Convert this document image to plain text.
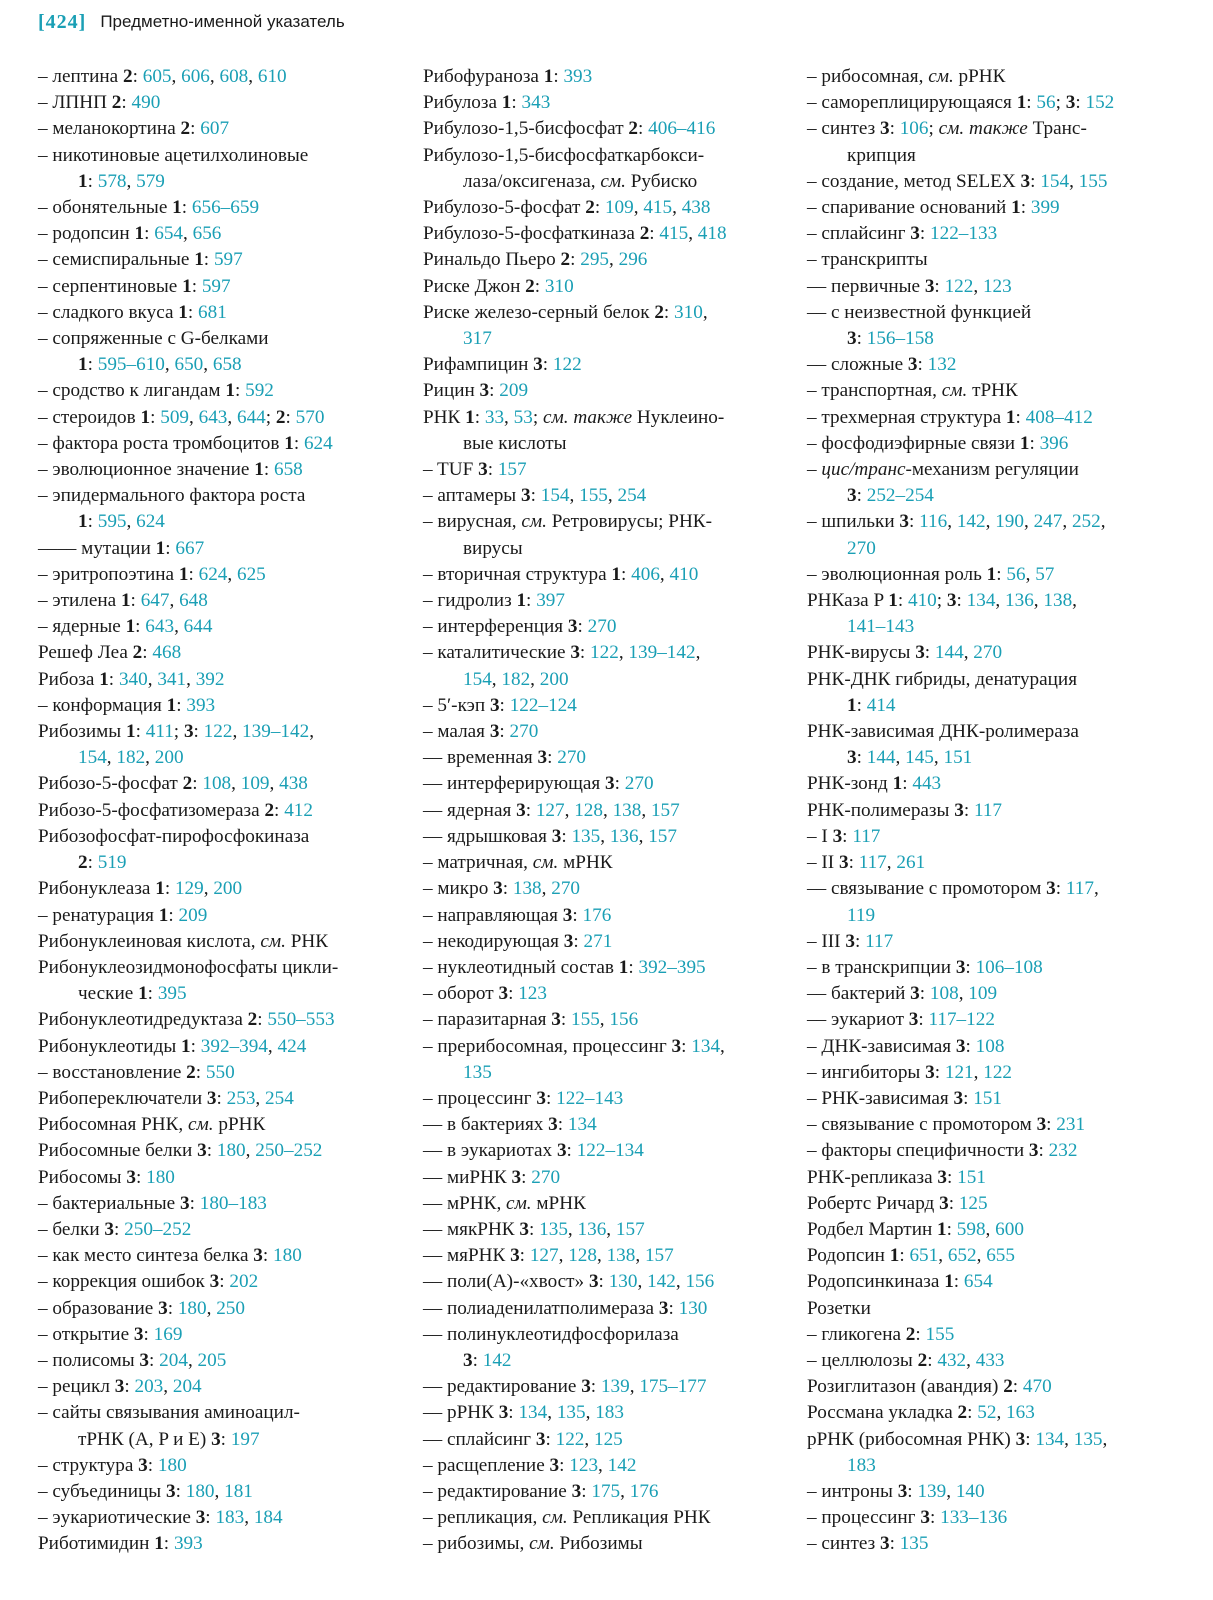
[424] Предметно-именной указатель
– лептина 2: 605, 606, 608, 610
– ЛПНП 2: 490
– меланокортина 2: 607
– никотиновые ацетилхолиновые
1: 578, 579
– обонятельные 1: 656–659
– родопсин 1: 654, 656
– семиспиральные 1: 597
– серпентиновые 1: 597
– сладкого вкуса 1: 681
– сопряженные с G-белками
1: 595–610, 650, 658
– сродство к лигандам 1: 592
– стероидов 1: 509, 643, 644; 2: 570
– фактора роста тромбоцитов 1: 624
– эволюционное значение 1: 658
– эпидермального фактора роста
1: 595, 624
–––– мутации 1: 667
– эритропоэтина 1: 624, 625
– этилена 1: 647, 648
– ядерные 1: 643, 644
Решеф Леа 2: 468
Рибоза 1: 340, 341, 392
– конформация 1: 393
Рибозимы 1: 411; 3: 122, 139–142,
154, 182, 200
Рибозо-5-фосфат 2: 108, 109, 438
Рибозо-5-фосфатизомераза 2: 412
Рибозофосфат-пирофосфокиназа
2: 519
Рибонуклеаза 1: 129, 200
– ренатурация 1: 209
Рибонуклеиновая кислота, см. РНК
Рибонуклеозидмонофосфаты цикли-
ческие 1: 395
Рибонуклеотидредуктаза 2: 550–553
Рибонуклеотиды 1: 392–394, 424
– восстановление 2: 550
Рибопереключатели 3: 253, 254
Рибосомная РНК, см. рРНК
Рибосомные белки 3: 180, 250–252
Рибосомы 3: 180
– бактериальные 3: 180–183
– белки 3: 250–252
– как место синтеза белка 3: 180
– коррекция ошибок 3: 202
– образование 3: 180, 250
– открытие 3: 169
– полисомы 3: 204, 205
– рецикл 3: 203, 204
– сайты связывания аминоацил-
тРНК (A, P и E) 3: 197
– структура 3: 180
– субъединицы 3: 180, 181
– эукариотические 3: 183, 184
Риботимидин 1: 393
Рибофураноза 1: 393
Рибулоза 1: 343
Рибулозо-1,5-бисфосфат 2: 406–416
Рибулозо-1,5-бисфосфаткарбокси-
лаза/оксигеназа, см. Рубиско
Рибулозо-5-фосфат 2: 109, 415, 438
Рибулозо-5-фосфаткиназа 2: 415, 418
Ринальдо Пьеро 2: 295, 296
Риске Джон 2: 310
Риске железо-серный белок 2: 310,
317
Рифампицин 3: 122
Рицин 3: 209
РНК 1: 33, 53; см. также Нуклеино-
вые кислоты
– TUF 3: 157
– аптамеры 3: 154, 155, 254
– вирусная, см. Ретровирусы; РНК-
вирусы
– вторичная структура 1: 406, 410
– гидролиз 1: 397
– интерференция 3: 270
– каталитические 3: 122, 139–142,
154, 182, 200
– 5′-кэп 3: 122–124
– малая 3: 270
–– временная 3: 270
–– интерферирующая 3: 270
–– ядерная 3: 127, 128, 138, 157
–– ядрышковая 3: 135, 136, 157
– матричная, см. мРНК
– микро 3: 138, 270
– направляющая 3: 176
– некодирующая 3: 271
– нуклеотидный состав 1: 392–395
– оборот 3: 123
– паразитарная 3: 155, 156
– прерибосомная, процессинг 3: 134,
135
– процессинг 3: 122–143
–– в бактериях 3: 134
–– в эукариотах 3: 122–134
–– миРНК 3: 270
–– мРНК, см. мРНК
–– мякРНК 3: 135, 136, 157
–– мяРНК 3: 127, 128, 138, 157
–– поли(A)-«хвост» 3: 130, 142, 156
–– полиаденилатполимераза 3: 130
–– полинуклеотидфосфорилаза
3: 142
–– редактирование 3: 139, 175–177
–– рРНК 3: 134, 135, 183
–– сплайсинг 3: 122, 125
– расщепление 3: 123, 142
– редактирование 3: 175, 176
– репликация, см. Репликация РНК
– рибозимы, см. Рибозимы
– рибосомная, см. рРНК
– самореплицирующаяся 1: 56; 3: 152
– синтез 3: 106; см. также Транс-
крипция
– создание, метод SELEX 3: 154, 155
– спаривание оснований 1: 399
– сплайсинг 3: 122–133
– транскрипты
–– первичные 3: 122, 123
–– с неизвестной функцией
3: 156–158
–– сложные 3: 132
– транспортная, см. тРНК
– трехмерная структура 1: 408–412
– фосфодиэфирные связи 1: 396
– цис/транс-механизм регуляции
3: 252–254
– шпильки 3: 116, 142, 190, 247, 252,
270
– эволюционная роль 1: 56, 57
РНКаза P 1: 410; 3: 134, 136, 138,
141–143
РНК-вирусы 3: 144, 270
РНК-ДНК гибриды, денатурация
1: 414
РНК-зависимая ДНК-ролимераза
3: 144, 145, 151
РНК-зонд 1: 443
РНК-полимеразы 3: 117
– I 3: 117
– II 3: 117, 261
–– связывание с промотором 3: 117,
119
– III 3: 117
– в транскрипции 3: 106–108
–– бактерий 3: 108, 109
–– эукариот 3: 117–122
– ДНК-зависимая 3: 108
– ингибиторы 3: 121, 122
– РНК-зависимая 3: 151
– связывание с промотором 3: 231
– факторы специфичности 3: 232
РНК-репликаза 3: 151
Робертс Ричард 3: 125
Родбел Мартин 1: 598, 600
Родопсин 1: 651, 652, 655
Родопсинкиназа 1: 654
Розетки
– гликогена 2: 155
– целлюлозы 2: 432, 433
Розиглитазон (авандия) 2: 470
Россмана укладка 2: 52, 163
рРНК (рибосомная РНК) 3: 134, 135,
183
– интроны 3: 139, 140
– процессинг 3: 133–136
– синтез 3: 135
